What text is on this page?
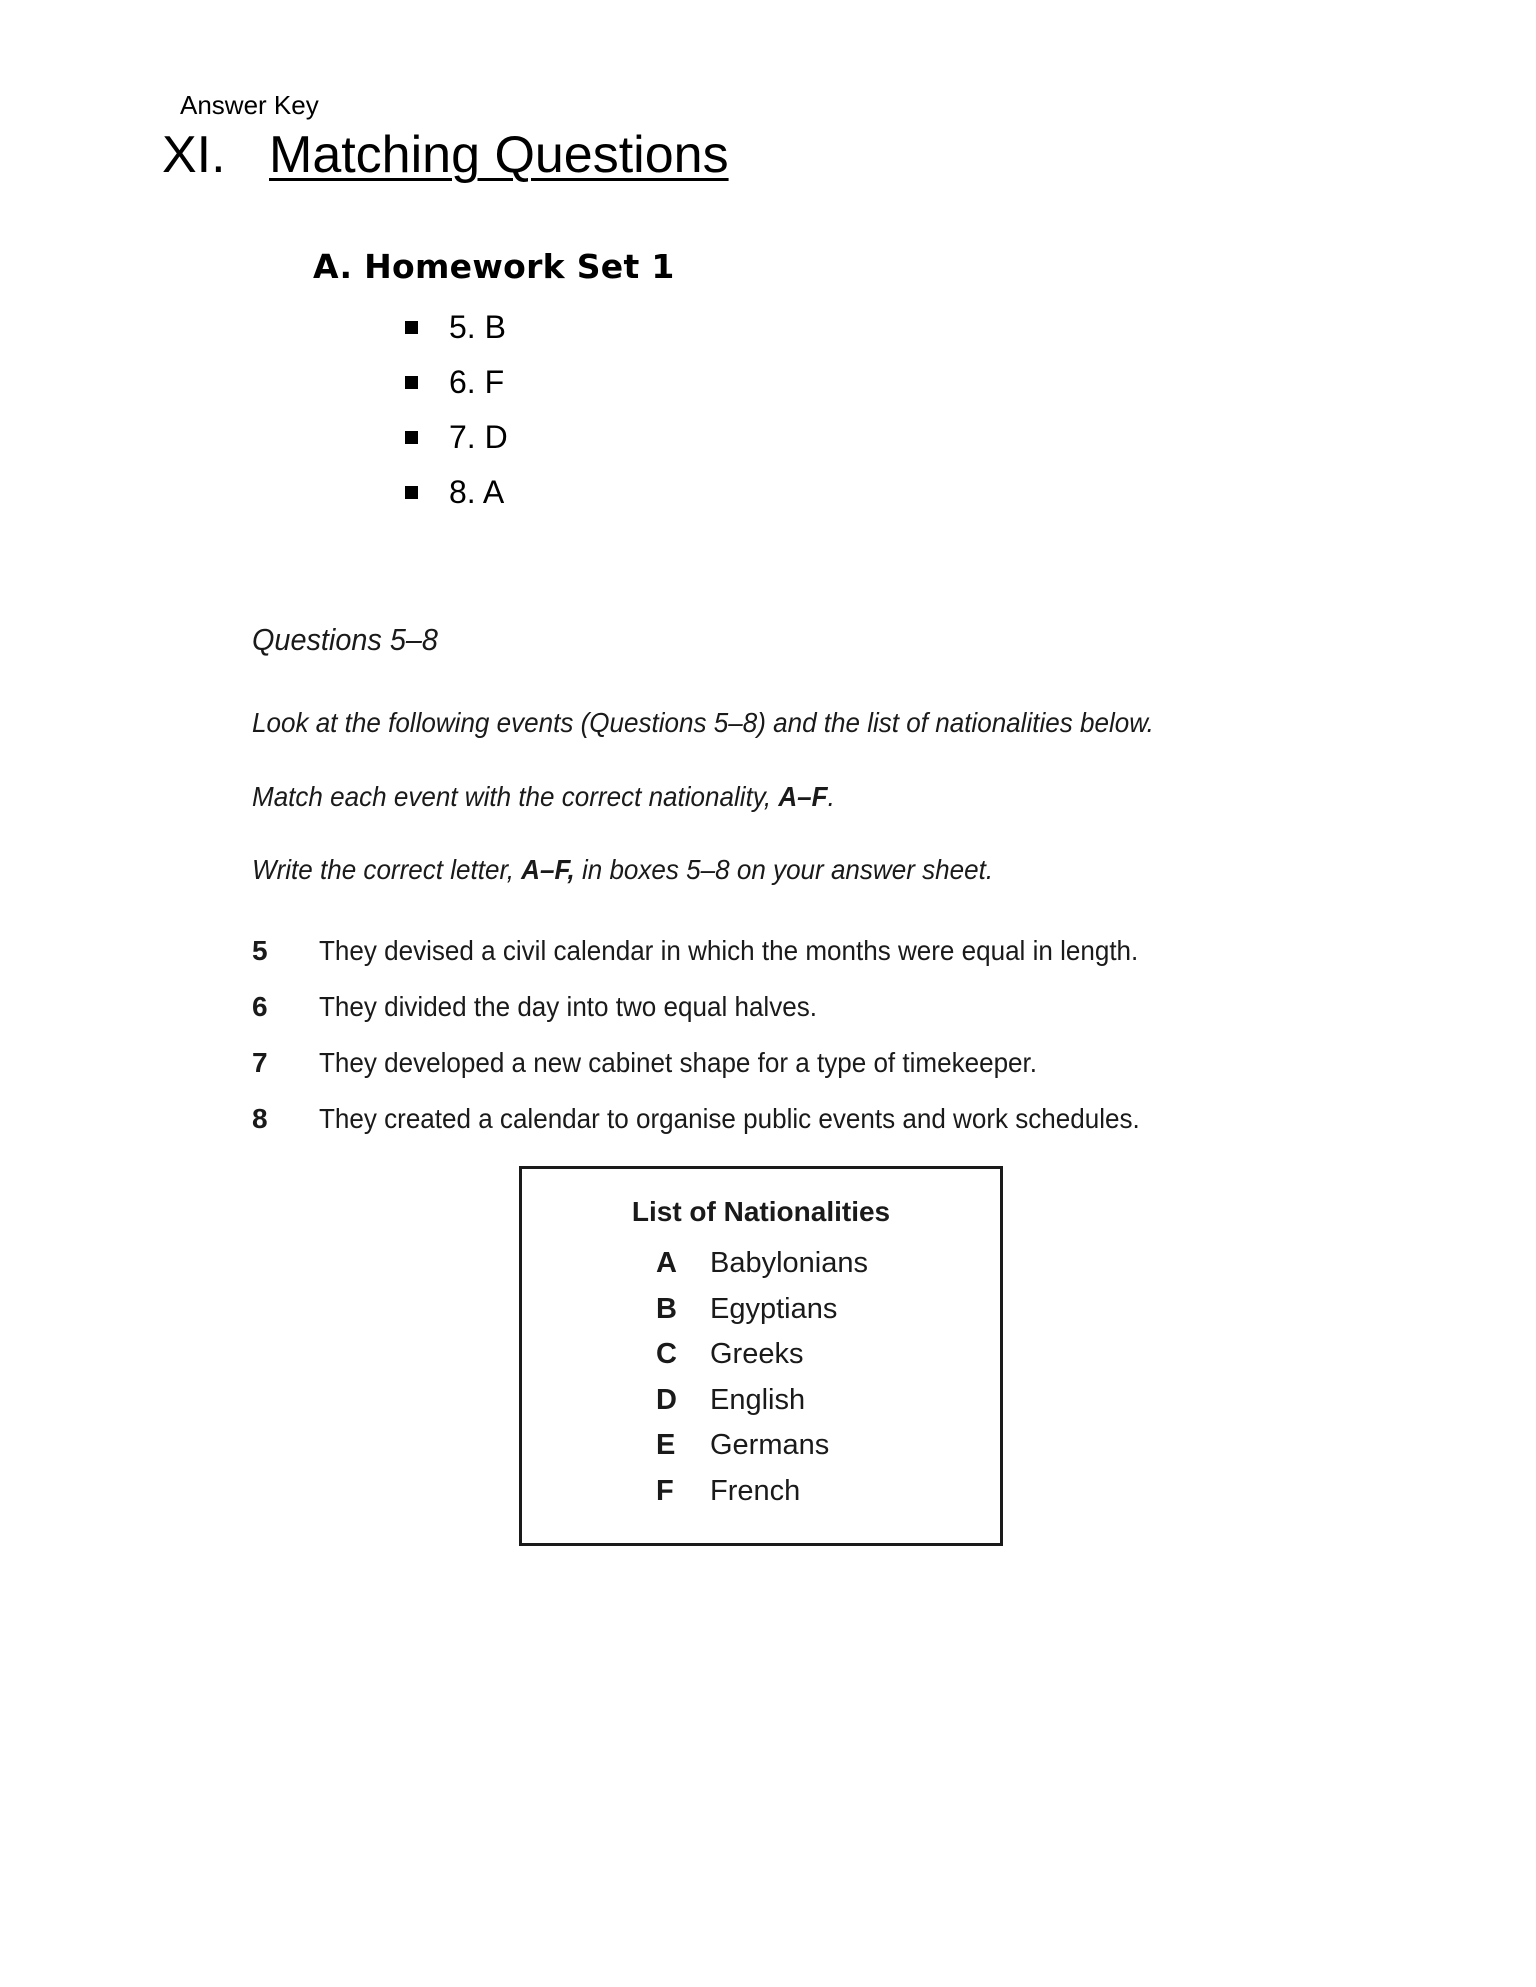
Answer Key
XI. Matching Questions
A. Homework Set 1
5. B
6. F
7. D
8. A

Questions 5–8

Look at the following events (Questions 5–8) and the list of nationalities below.

Match each event with the correct nationality, A–F.

Write the correct letter, A–F, in boxes 5–8 on your answer sheet.

5	They devised a civil calendar in which the months were equal in length.
6	They divided the day into two equal halves.
7	They developed a new cabinet shape for a type of timekeeper.
8	They created a calendar to organise public events and work schedules.
List of Nationalities
A	Babylonians
B	Egyptians
C	Greeks
D	English
E	Germans
F	French
